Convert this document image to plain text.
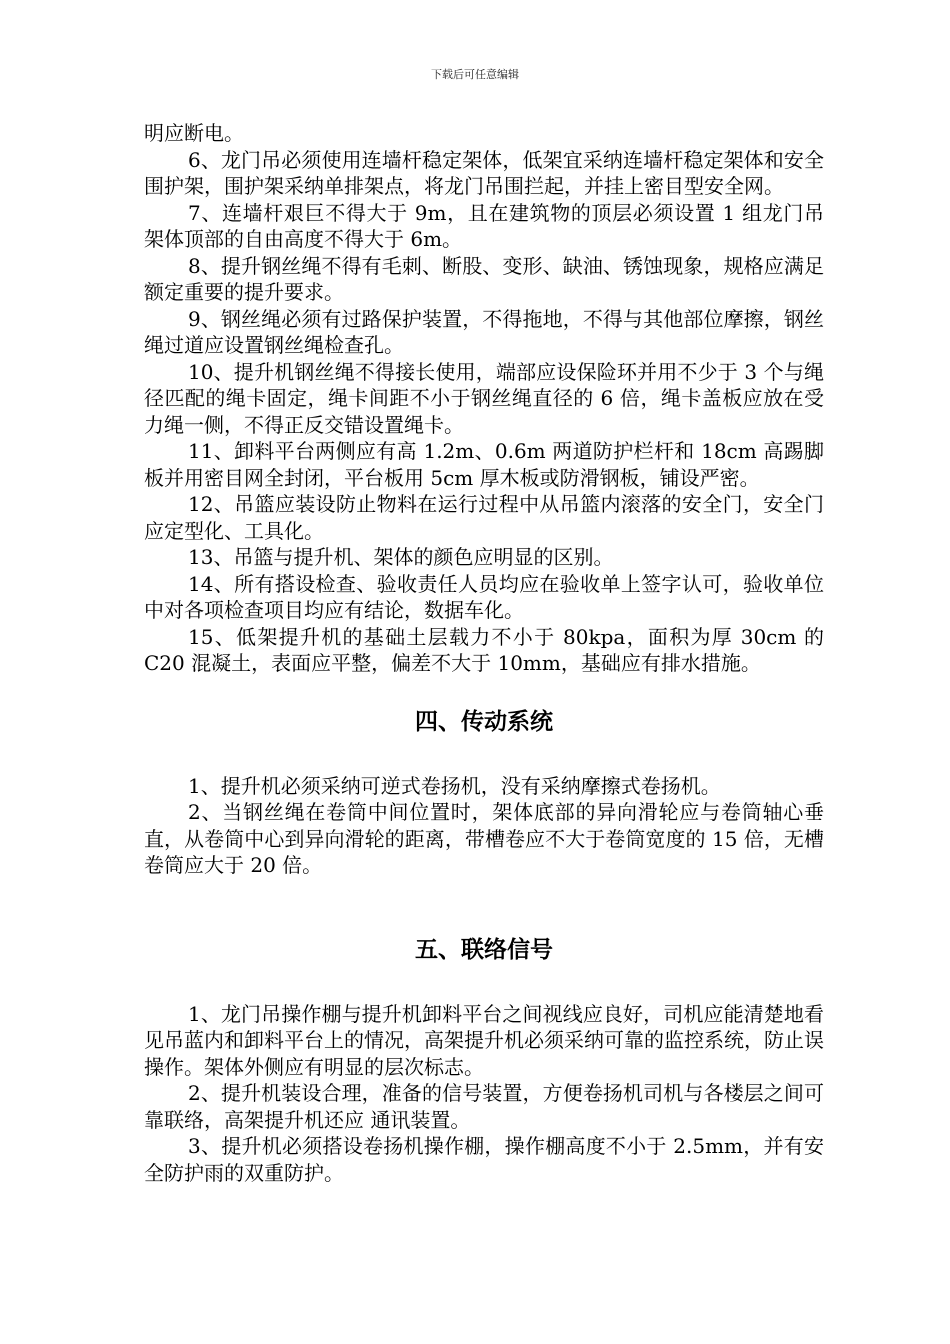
下载后可任意编辑

明应断电。

6、龙门吊必须使用连墙杆稳定架体，低架宜采纳连墙杆稳定架体和安全围护架，围护架采纳单排架点，将龙门吊围拦起，并挂上密目型安全网。

7、连墙杆艰巨不得大于 9m，且在建筑物的顶层必须设置 1 组龙门吊架体顶部的自由高度不得大于 6m。

8、提升钢丝绳不得有毛刺、断股、变形、缺油、锈蚀现象，规格应满足额定重要的提升要求。

9、钢丝绳必须有过路保护装置，不得拖地，不得与其他部位摩擦，钢丝绳过道应设置钢丝绳检查孔。

10、提升机钢丝绳不得接长使用，端部应设保险环并用不少于 3 个与绳径匹配的绳卡固定，绳卡间距不小于钢丝绳直径的 6 倍，绳卡盖板应放在受力绳一侧，不得正反交错设置绳卡。

11、卸料平台两侧应有高 1.2m、0.6m 两道防护栏杆和 18cm 高踢脚板并用密目网全封闭，平台板用 5cm 厚木板或防滑钢板，铺设严密。

12、吊篮应装设防止物料在运行过程中从吊篮内滚落的安全门，安全门应定型化、工具化。

13、吊篮与提升机、架体的颜色应明显的区别。

14、所有搭设检查、验收责任人员均应在验收单上签字认可，验收单位中对各项检查项目均应有结论，数据车化。

15、低架提升机的基础土层载力不小于 80kpa，面积为厚 30cm 的 C20 混凝土，表面应平整，偏差不大于 10mm，基础应有排水措施。

四、传动系统

1、提升机必须采纳可逆式卷扬机，没有采纳摩擦式卷扬机。

2、当钢丝绳在卷筒中间位置时，架体底部的异向滑轮应与卷筒轴心垂直，从卷筒中心到异向滑轮的距离，带槽卷应不大于卷筒宽度的 15 倍，无槽卷筒应大于 20 倍。

五、联络信号

1、龙门吊操作棚与提升机卸料平台之间视线应良好，司机应能清楚地看见吊蓝内和卸料平台上的情况，高架提升机必须采纳可靠的监控系统，防止误操作。架体外侧应有明显的层次标志。

2、提升机装设合理，准备的信号装置，方便卷扬机司机与各楼层之间可靠联络，高架提升机还应 通讯装置。

3、提升机必须搭设卷扬机操作棚，操作棚高度不小于 2.5mm，并有安全防护雨的双重防护。
